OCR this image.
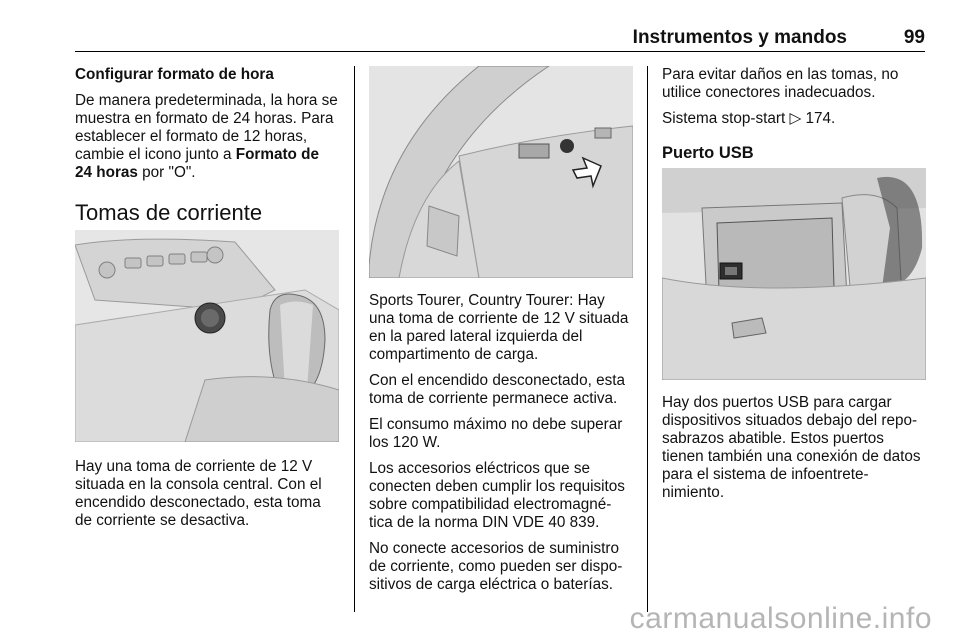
Instrumentos y mandos	99

Configurar formato de hora

De manera predeterminada, la hora se muestra en formato de 24 horas. Para establecer el formato de 12 horas, cambie el icono junto a Formato de 24 horas por "O".

Tomas de corriente

Hay una toma de corriente de 12 V situada en la consola central. Con el encendido desconectado, esta toma de corriente se desactiva.

Sports Tourer, Country Tourer: Hay una toma de corriente de 12 V situada en la pared lateral izquierda del compartimento de carga.

Con el encendido desconectado, esta toma de corriente permanece activa.

El consumo máximo no debe superar los 120 W.

Los accesorios eléctricos que se conecten deben cumplir los requisitos sobre compatibilidad electromagné-tica de la norma DIN VDE 40 839.

No conecte accesorios de suministro de corriente, como pueden ser dispo-sitivos de carga eléctrica o baterías.

Para evitar daños en las tomas, no utilice conectores inadecuados.

Sistema stop-start ▷ 174.

Puerto USB

Hay dos puertos USB para cargar dispositivos situados debajo del repo-sabrazos abatible. Estos puertos tienen también una conexión de datos para el sistema de infoentrete-nimiento.

carmanualsonline.info
